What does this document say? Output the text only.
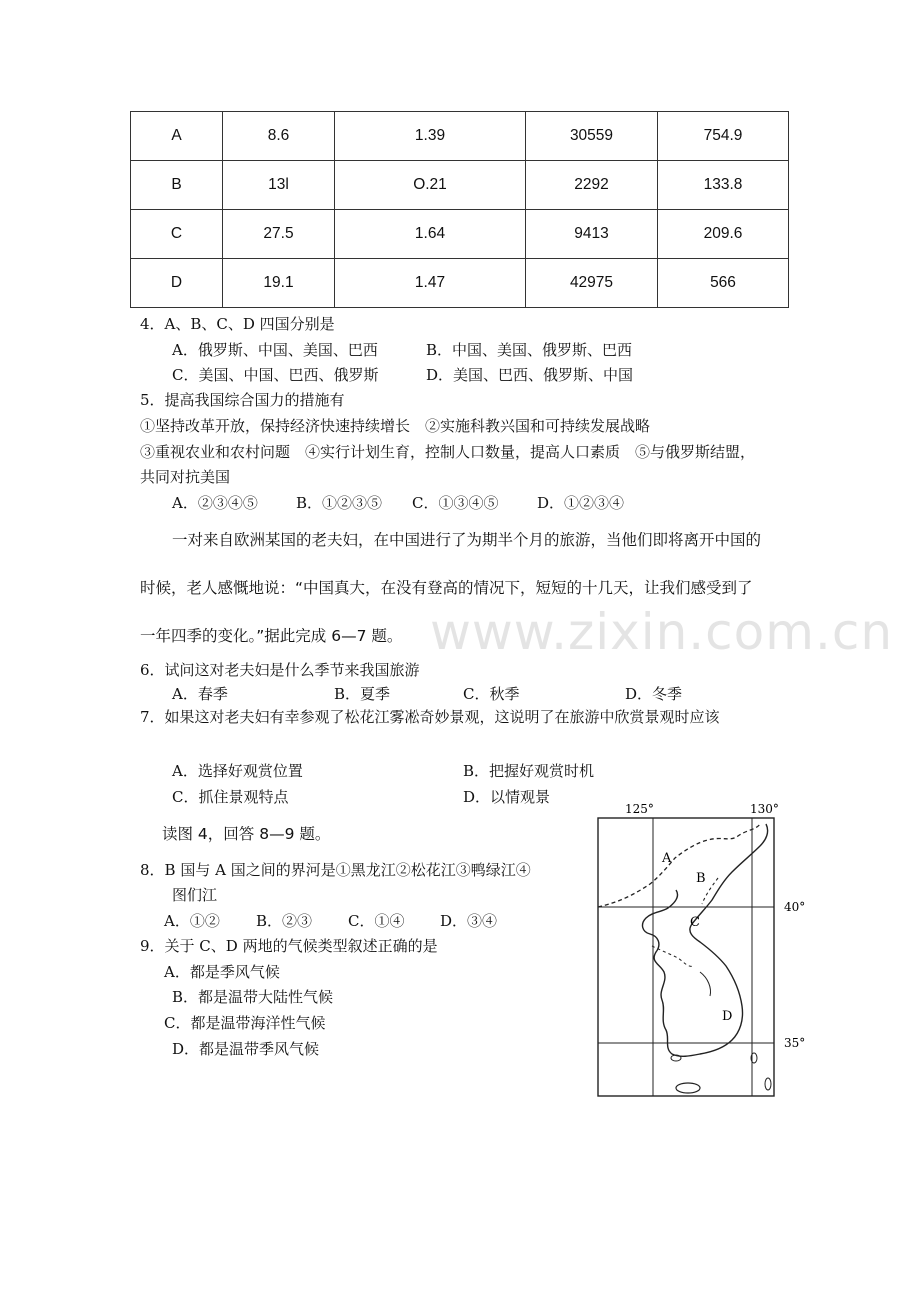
A	8.6	1.39	30559	754.9
B	13l	O.21	2292	133.8
C	27.5	1.64	9413	209.6
D	19.1	1.47	42975	566
4．A、B、C、D 四国分别是
A．俄罗斯、中国、美国、巴西	B．中国、美国、俄罗斯、巴西
C．美国、中国、巴西、俄罗斯	D．美国、巴西、俄罗斯、中国
5．提高我国综合国力的措施有
①坚持改革开放，保持经济快速持续增长　②实施科教兴国和可持续发展战略
③重视农业和农村问题　④实行计划生育，控制人口数量，提高人口素质　⑤与俄罗斯结盟，
共同对抗美国
A．②③④⑤	B．①②③⑤ C．①③④⑤	D．①②③④
www.zixin.com.cn
一对来自欧洲某国的老夫妇，在中国进行了为期半个月的旅游，当他们即将离开中国的
时候，老人感慨地说：“中国真大，在没有登高的情况下，短短的十几天，让我们感受到了
一年四季的变化。”据此完成 6—7 题。
6．试问这对老夫妇是什么季节来我国旅游
A．春季	B．夏季	C．秋季	D．冬季
7．如果这对老夫妇有幸参观了松花江雾凇奇妙景观，这说明了在旅游中欣赏景观时应该
A．选择好观赏位置	B．把握好观赏时机
C．抓住景观特点	D．以情观景
读图 4，回答 8—9 题。
8．B 国与 A 国之间的界河是①黑龙江②松花江③鸭绿江④
图们江
A．①② B．②③ C．①④ D．③④
9．关于 C、D 两地的气候类型叙述正确的是
A．都是季风气候
B．都是温带大陆性气候
C．都是温带海洋性气候
D．都是温带季风气候
125°	130°
40°
35°
A
B
C
D
